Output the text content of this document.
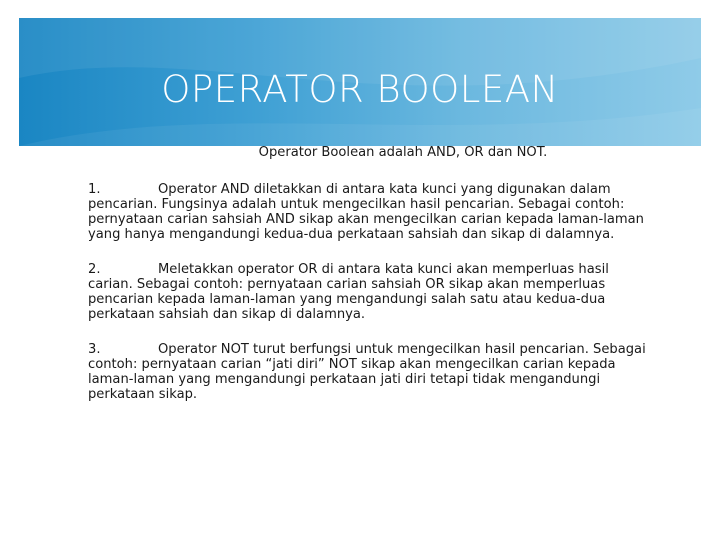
OPERATOR BOOLEAN
Operator Boolean adalah AND, OR dan NOT.
1.	Operator AND diletakkan di antara kata kunci yang digunakan dalam pencarian. Fungsinya adalah untuk mengecilkan hasil pencarian. Sebagai contoh: pernyataan carian sahsiah AND sikap akan mengecilkan carian kepada laman-laman yang hanya mengandungi kedua-dua perkataan sahsiah dan sikap di dalamnya.
2.	Meletakkan operator OR di antara kata kunci akan memperluas hasil carian. Sebagai contoh: pernyataan carian sahsiah OR sikap akan memperluas pencarian kepada laman-laman yang mengandungi salah satu atau kedua-dua perkataan sahsiah dan sikap di dalamnya.
3.	Operator NOT turut berfungsi untuk mengecilkan hasil pencarian. Sebagai contoh: pernyataan carian “jati diri” NOT sikap akan mengecilkan carian kepada laman-laman yang mengandungi perkataan jati diri tetapi tidak mengandungi perkataan sikap.
